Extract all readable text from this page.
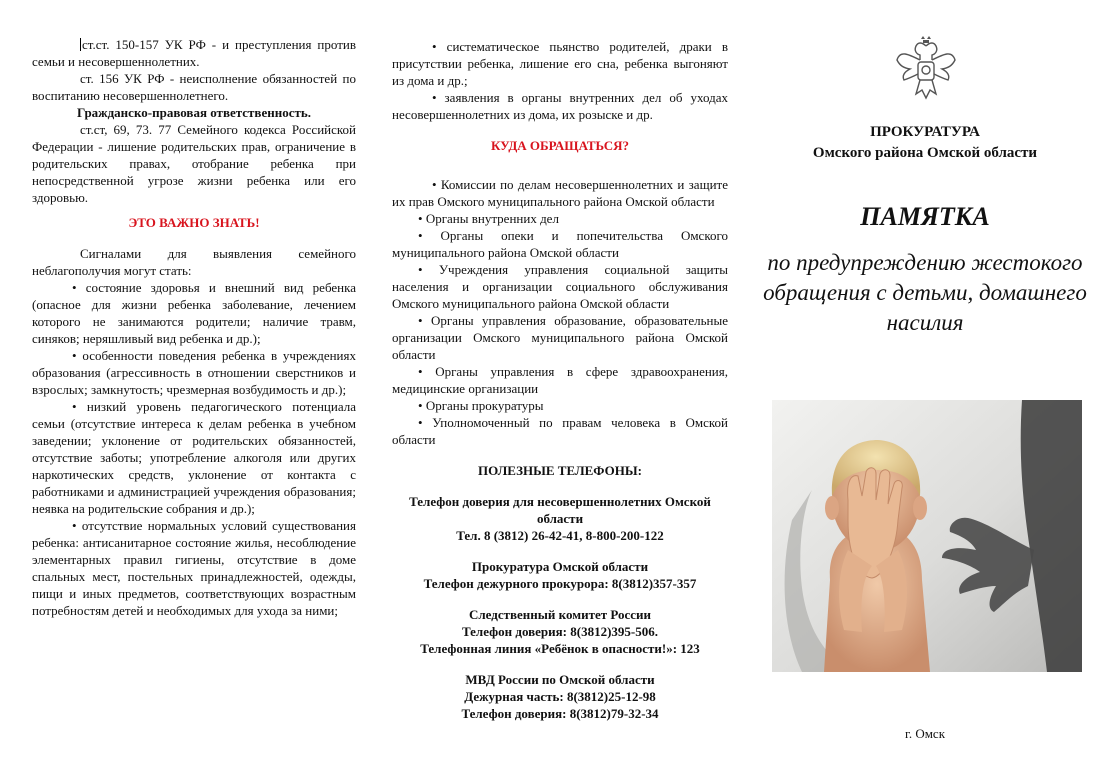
ст.ст. 150-157 УК РФ - и преступления против семьи и несовершеннолетних.

ст. 156 УК РФ - неисполнение обязанностей по воспитанию несовершеннолетнего.

Гражданско-правовая ответственность.

ст.ст, 69, 73. 77 Семейного кодекса Российской Федерации - лишение родительских прав, ограничение в родительских правах, отобрание ребенка при непосредственной угрозе жизни ребенка или его здоровью.

ЭТО ВАЖНО ЗНАТЬ!

Сигналами для выявления семейного неблагополучия могут стать:

• состояние здоровья и внешний вид ребенка (опасное для жизни ребенка заболевание, лечением которого не занимаются родители; наличие травм, синяков; неряшливый вид ребенка и др.);

• особенности поведения ребенка в учреждениях образования (агрессивность в отношении сверстников и взрослых; замкнутость; чрезмерная возбудимость и др.);

• низкий уровень педагогического потенциала семьи (отсутствие интереса к делам ребенка в учебном заведении; уклонение от родительских обязанностей, отсутствие заботы; употребление алкоголя или других наркотических средств, уклонение от контакта с работниками и администрацией учреждения образования; неявка на родительские собрания и др.);

• отсутствие нормальных условий существования ребенка: антисанитарное состояние жилья, несоблюдение элементарных правил гигиены, отсутствие в доме спальных мест, постельных принадлежностей, одежды, пищи и иных предметов, соответствующих возрастным потребностям детей и необходимых для ухода за ними;

• систематическое пьянство родителей, драки в присутствии ребенка, лишение его сна, ребенка выгоняют из дома и др.;

• заявления в органы внутренних дел об уходах несовершеннолетних из дома, их розыске и др.

КУДА ОБРАЩАТЬСЯ?

• Комиссии по делам несовершеннолетних и защите их прав Омского муниципального района Омской области

• Органы внутренних дел

• Органы опеки и попечительства Омского муниципального района Омской области

• Учреждения управления социальной защиты населения и организации социального обслуживания Омского муниципального района Омской области

• Органы управления образование, образовательные организации Омского муниципального района Омской области

• Органы управления в сфере здравоохранения, медицинские организации

• Органы прокуратуры

• Уполномоченный по правам человека в Омской области

ПОЛЕЗНЫЕ ТЕЛЕФОНЫ:

Телефон доверия для несовершеннолетних Омской области

Тел. 8 (3812) 26-42-41, 8-800-200-122

Прокуратура Омской области

Телефон дежурного прокурора: 8(3812)357-357

Следственный комитет России

Телефон доверия: 8(3812)395-506.

Телефонная линия «Ребёнок в опасности!»: 123

МВД России по Омской области

Дежурная часть: 8(3812)25-12-98

Телефон доверия: 8(3812)79-32-34

ПРОКУРАТУРА
Омского района Омской области
ПАМЯТКА
по предупреждению жестокого обращения с детьми, домашнего насилия
г. Омск
